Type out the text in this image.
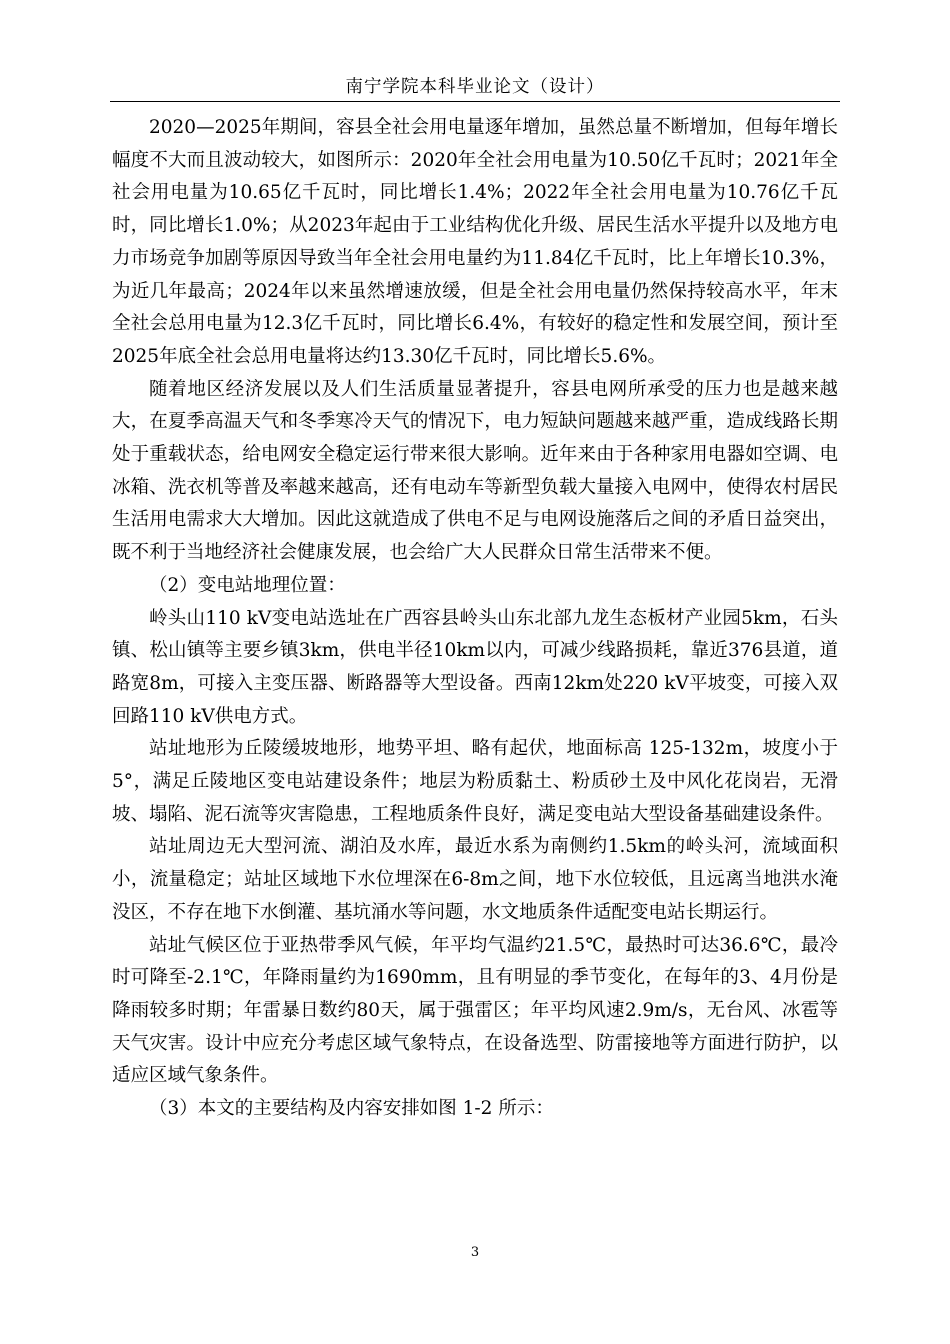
南宁学院本科毕业论文（设计）

2020—2025年期间，容县全社会用电量逐年增加，虽然总量不断增加，但每年增长幅度不大而且波动较大，如图所示：2020年全社会用电量为10.50亿千瓦时；2021年全社会用电量为10.65亿千瓦时，同比增长1.4%；2022年全社会用电量为10.76亿千瓦时，同比增长1.0%；从2023年起由于工业结构优化升级、居民生活水平提升以及地方电力市场竞争加剧等原因导致当年全社会用电量约为11.84亿千瓦时，比上年增长10.3%，为近几年最高；2024年以来虽然增速放缓，但是全社会用电量仍然保持较高水平，年末全社会总用电量为12.3亿千瓦时，同比增长6.4%，有较好的稳定性和发展空间，预计至2025年底全社会总用电量将达约13.30亿千瓦时，同比增长5.6%。

随着地区经济发展以及人们生活质量显著提升，容县电网所承受的压力也是越来越大，在夏季高温天气和冬季寒冷天气的情况下，电力短缺问题越来越严重，造成线路长期处于重载状态，给电网安全稳定运行带来很大影响。近年来由于各种家用电器如空调、电冰箱、洗衣机等普及率越来越高，还有电动车等新型负载大量接入电网中，使得农村居民生活用电需求大大增加。因此这就造成了供电不足与电网设施落后之间的矛盾日益突出，既不利于当地经济社会健康发展，也会给广大人民群众日常生活带来不便。

（2）变电站地理位置：

岭头山110 kV变电站选址在广西容县岭头山东北部九龙生态板材产业园5km，石头镇、松山镇等主要乡镇3km，供电半径10km以内，可减少线路损耗，靠近376县道，道路宽8m，可接入主变压器、断路器等大型设备。西南12km处220 kV平坡变，可接入双回路110 kV供电方式。

站址地形为丘陵缓坡地形，地势平坦、略有起伏，地面标高 125-132m，坡度小于5°，满足丘陵地区变电站建设条件；地层为粉质黏土、粉质砂土及中风化花岗岩，无滑坡、塌陷、泥石流等灾害隐患，工程地质条件良好，满足变电站大型设备基础建设条件。

站址周边无大型河流、湖泊及水库，最近水系为南侧约1.5km的岭头河，流域面积小，流量稳定；站址区域地下水位埋深在6-8m之间，地下水位较低，且远离当地洪水淹没区，不存在地下水倒灌、基坑涌水等问题，水文地质条件适配变电站长期运行。

站址气候区位于亚热带季风气候，年平均气温约21.5℃，最热时可达36.6℃，最冷时可降至-2.1℃，年降雨量约为1690mm，且有明显的季节变化，在每年的3、4月份是降雨较多时期；年雷暴日数约80天，属于强雷区；年平均风速2.9m/s，无台风、冰雹等天气灾害。设计中应充分考虑区域气象特点，在设备选型、防雷接地等方面进行防护，以适应区域气象条件。

（3）本文的主要结构及内容安排如图 1-2 所示：

3
